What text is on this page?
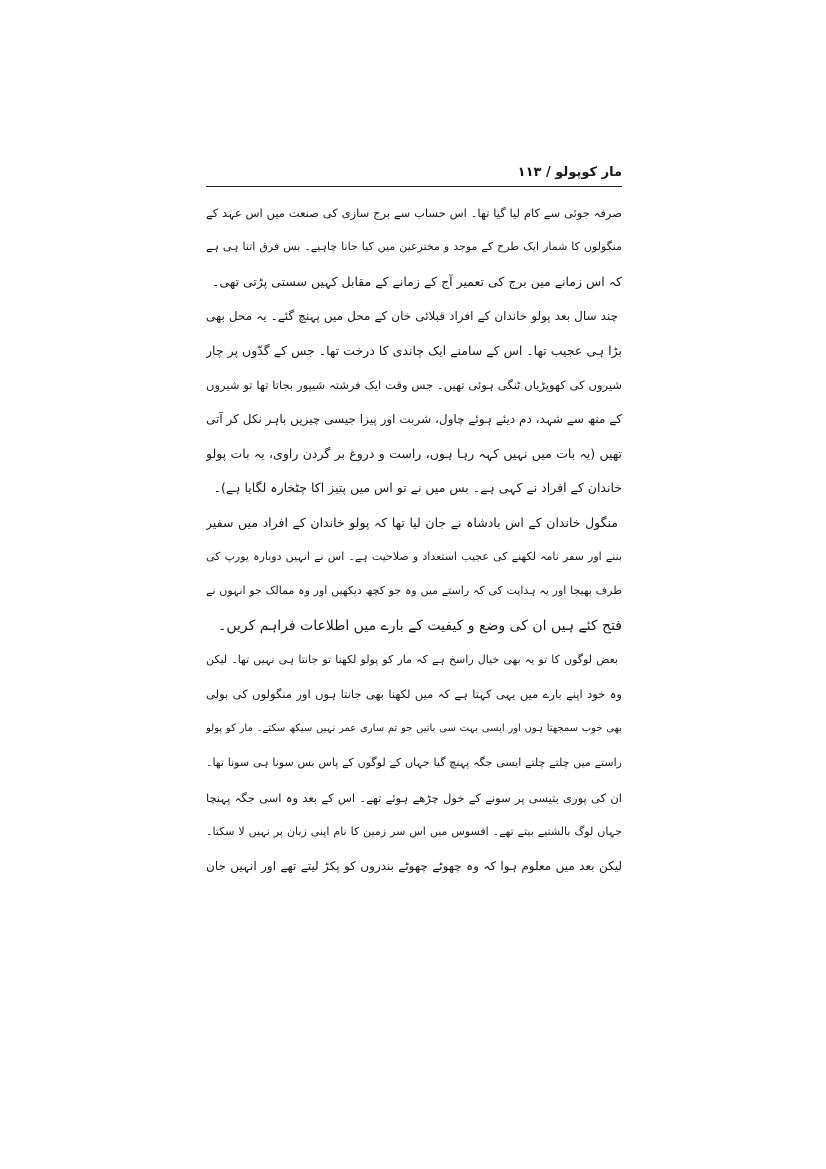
مار کوپولو / ۱۱۳
صرفہ جوئی سے کام لیا گیا تھا۔ اس حساب سے برج سازی کی صنعت میں اس عہد کے
منگولوں کا شمار ایک طرح کے موجد و مخترعین میں کیا جانا چاہیے۔ بس فرق اتنا ہی ہے
کہ اس زمانے میں برج کی تعمیر آج کے زمانے کے مقابل کہیں سستی پڑتی تھی۔
چند سال بعد پولو خاندان کے افراد قبلائی خان کے محل میں پہنچ گئے۔ یہ محل بھی
بڑا ہی عجیب تھا۔ اس کے سامنے ایک چاندی کا درخت تھا۔ جس کے گدّوں پر چار
شیروں کی کھوپڑیاں ٹنگی ہوئی تھیں۔ جس وقت ایک فرشتہ شیپور بجاتا تھا تو شیروں
کے منھ سے شہد، دم دیئے ہوئے چاول، شربت اور پیزا جیسی چیزیں باہر نکل کر آتی
تھیں (یہ بات میں نہیں کہہ رہا ہوں، راست و دروغ بر گردن راوی، یہ بات پولو
خاندان کے افراد نے کہی ہے۔ بس میں نے تو اس میں پتیز اکا چٹخارہ لگایا ہے)۔
منگول خاندان کے اس بادشاہ نے جان لیا تھا کہ پولو خاندان کے افراد میں سفیر
بننے اور سفر نامہ لکھنے کی عجیب استعداد و صلاحیت ہے۔ اس نے انہیں دوبارہ یورپ کی
طرف بھیجا اور یہ ہدایت کی کہ راستے میں وہ جو کچھ دیکھیں اور وہ ممالک جو انہوں نے
فتح کئے ہیں ان کی وضع و کیفیت کے بارے میں اطلاعات فراہم کریں۔
بعض لوگوں کا تو یہ بھی خیال راسخ ہے کہ مار کو پولو لکھنا تو جانتا ہی نہیں تھا۔ لیکن
وہ خود اپنے بارے میں یہی کہتا ہے کہ میں لکھنا بھی جانتا ہوں اور منگولوں کی بولی
بھی خوب سمجھتا ہوں اور ایسی بہت سی باتیں جو تم ساری عمر نہیں سیکھ سکتے۔ مار کو پولو
راستے میں چلتے چلتے ایسی جگہ پہنچ گیا جہاں کے لوگوں کے پاس بس سونا ہی سونا تھا۔
ان کی پوری بتیسی پر سونے کے خول چڑھے ہوئے تھے۔ اس کے بعد وہ اسی جگہ پہنچا
جہاں لوگ بالشتیے بیتے تھے۔ افسوس میں اس سر زمین کا نام اپنی زبان پر نہیں لا سکتا۔
لیکن بعد میں معلوم ہوا کہ وہ چھوٹے چھوٹے بندروں کو پکڑ لیتے تھے اور انہیں جان
